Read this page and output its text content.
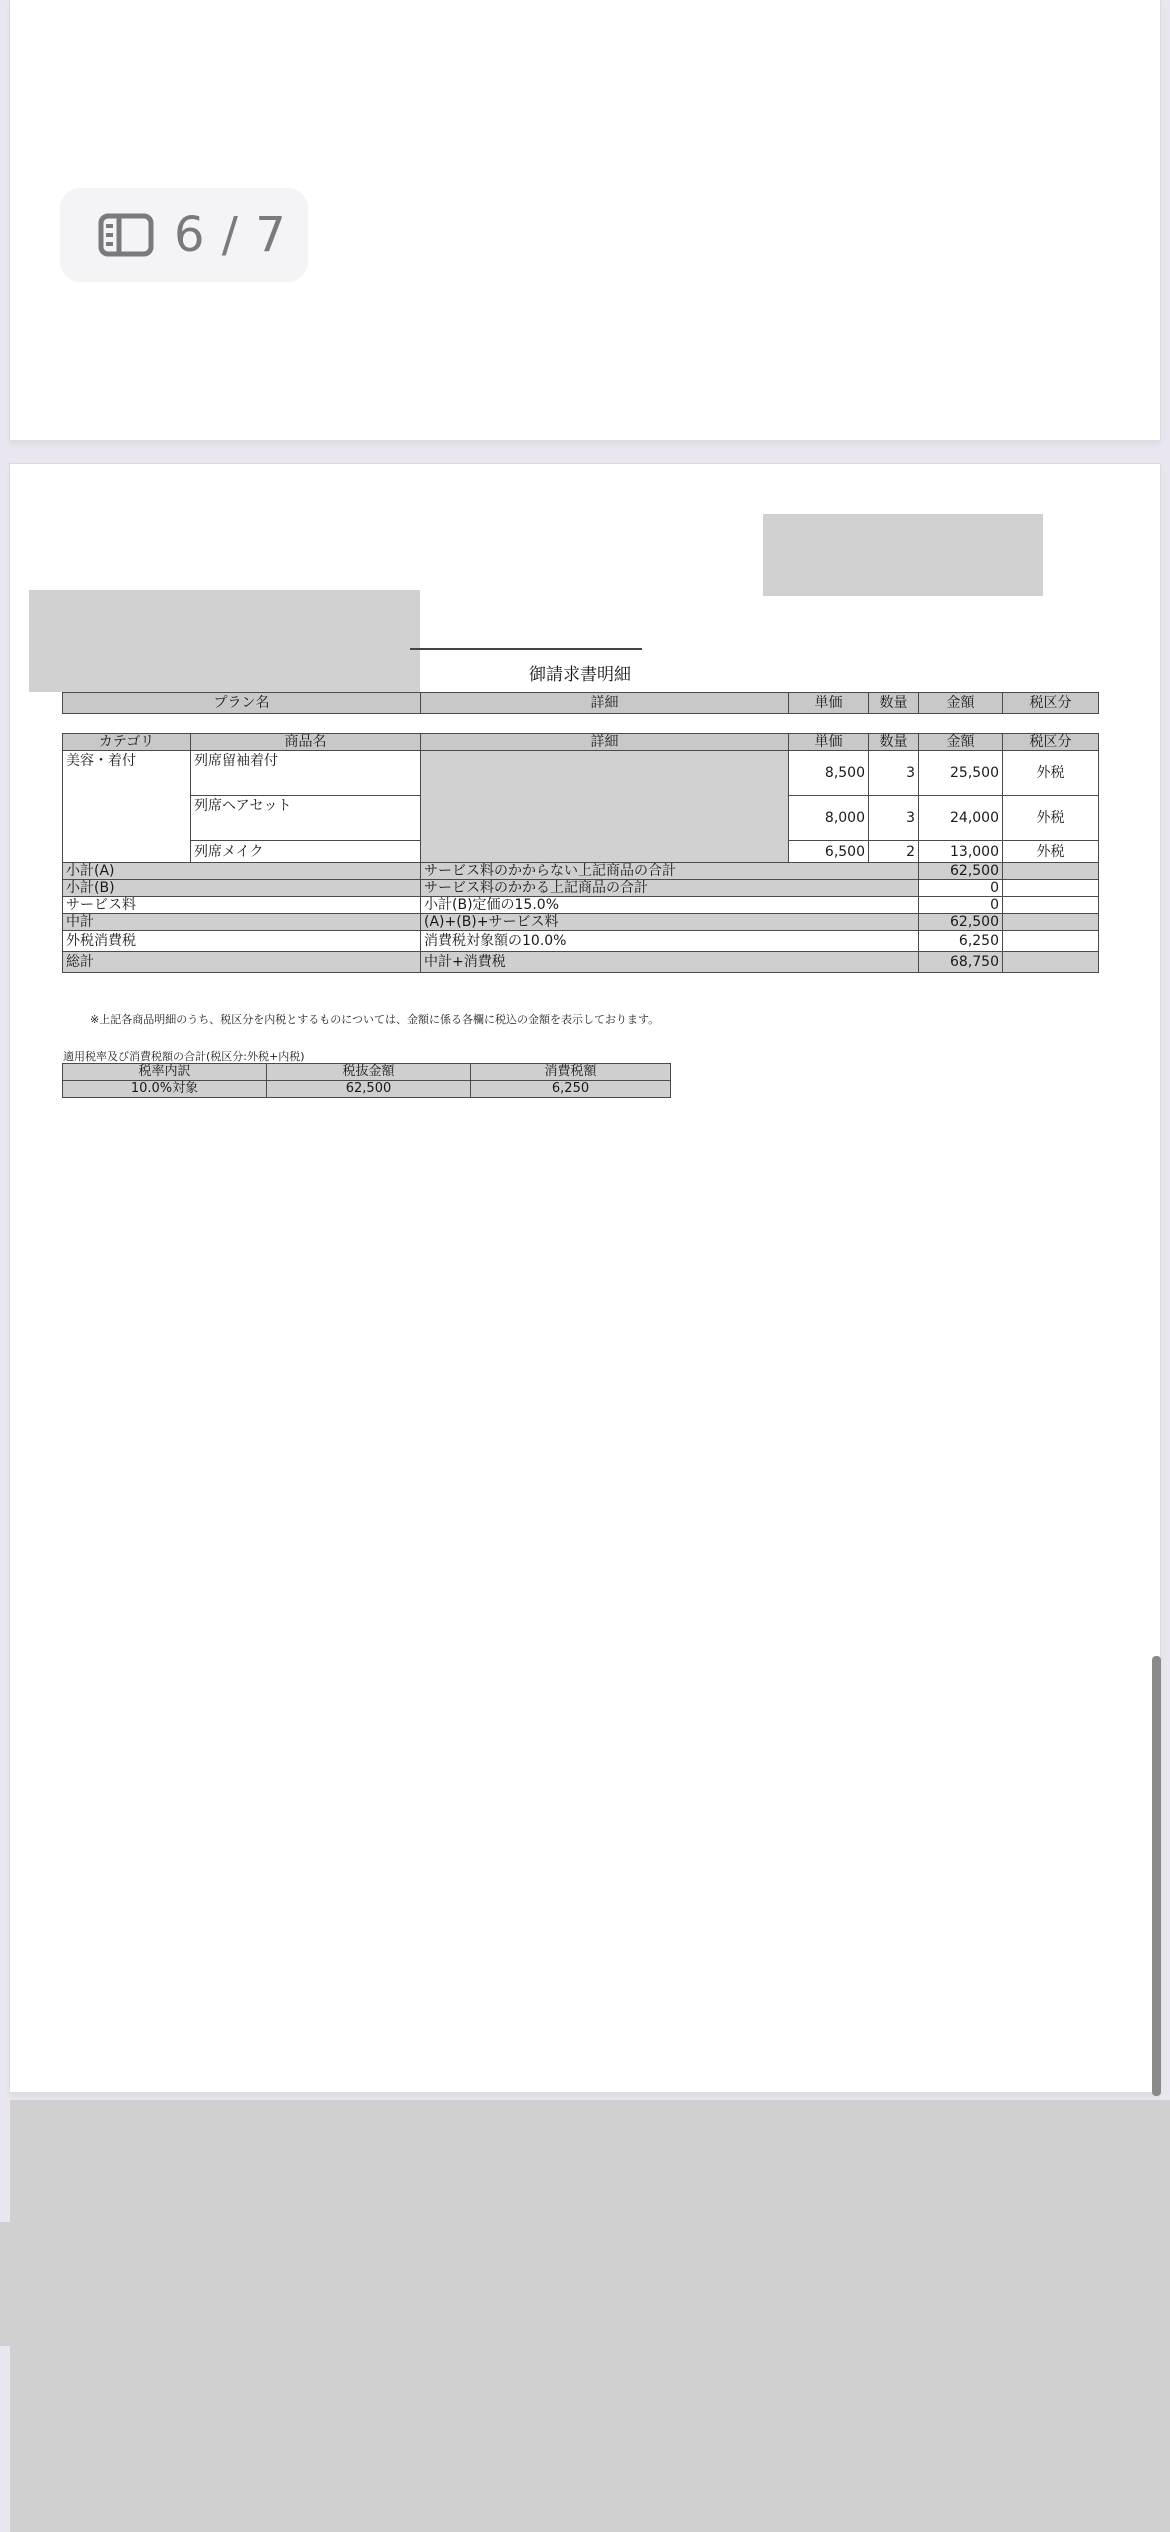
6 / 7
御請求書明細
プラン名	詳細	単価	数量	金額	税区分
カテゴリ	商品名	詳細	単価	数量	金額	税区分
美容・着付	列席留袖着付		8,500	3	25,500	外税
	列席ヘアセット		8,000	3	24,000	外税
	列席メイク		6,500	2	13,000	外税
小計(A)		サービス料のかからない上記商品の合計			62,500	
小計(B)		サービス料のかかる上記商品の合計			0	
サービス料		小計(B)定価の15.0%			0	
中計		(A)+(B)+サービス料			62,500	
外税消費税		消費税対象額の10.0%			6,250	
総計		中計+消費税			68,750	
※上記各商品明細のうち、税区分を内税とするものについては、金額に係る各欄に税込の金額を表示しております。
適用税率及び消費税額の合計(税区分:外税+内税)
税率内訳	税抜金額	消費税額
10.0%対象	62,500	6,250
